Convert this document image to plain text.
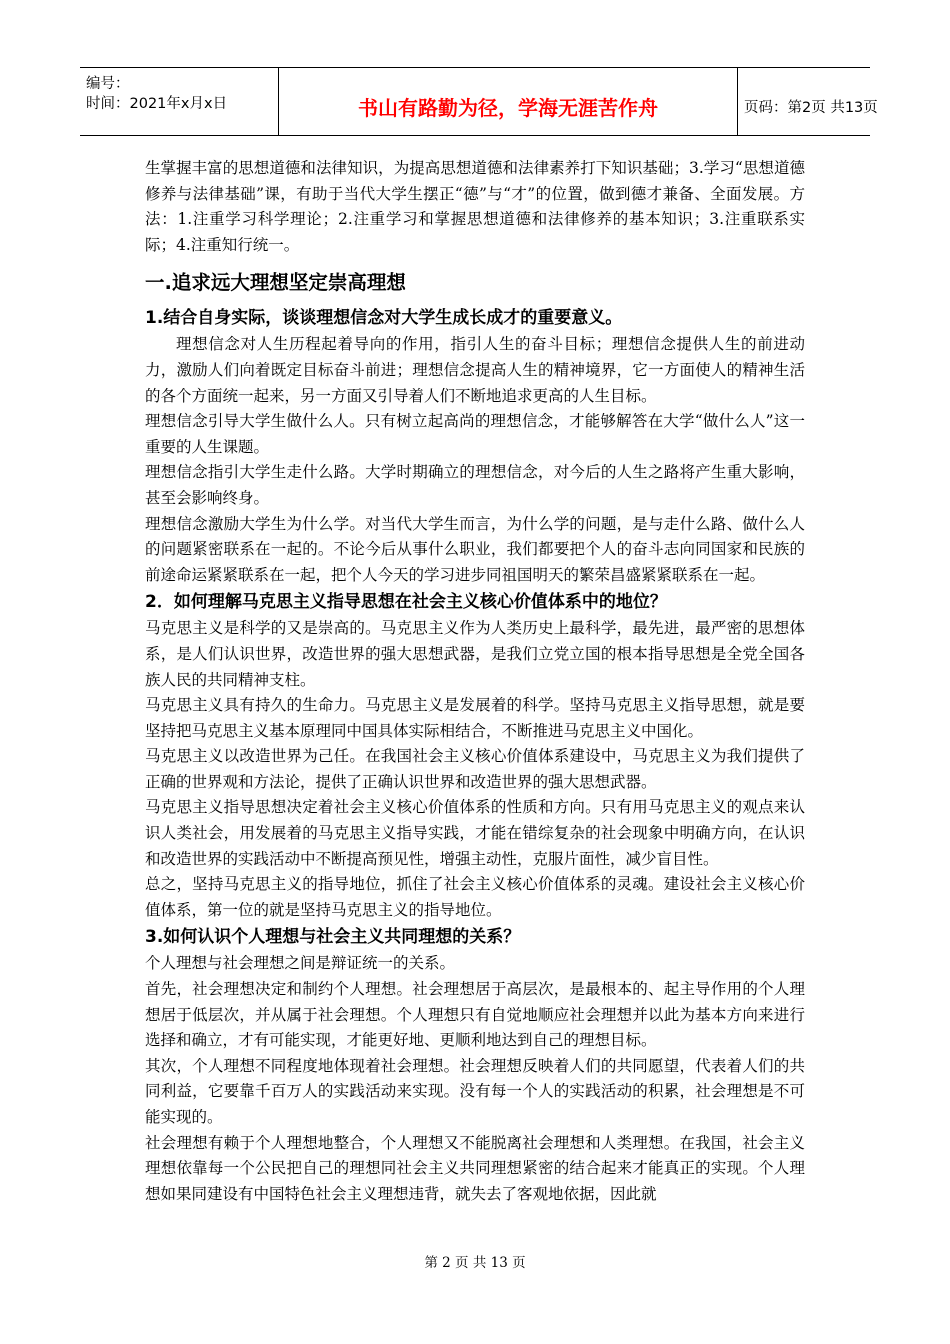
编号：
时间：2021年x月x日	书山有路勤为径，学海无涯苦作舟	页码：第2页 共13页

生掌握丰富的思想道德和法律知识，为提高思想道德和法律素养打下知识基础；3.学习“思想道德修养与法律基础”课，有助于当代大学生摆正“德”与“才”的位置，做到德才兼备、全面发展。方法：1.注重学习科学理论；2.注重学习和掌握思想道德和法律修养的基本知识；3.注重联系实际；4.注重知行统一。

一.追求远大理想坚定崇高理想
1.结合自身实际，谈谈理想信念对大学生成长成才的重要意义。

理想信念对人生历程起着导向的作用，指引人生的奋斗目标；理想信念提供人生的前进动力，激励人们向着既定目标奋斗前进；理想信念提高人生的精神境界，它一方面使人的精神生活的各个方面统一起来，另一方面又引导着人们不断地追求更高的人生目标。

理想信念引导大学生做什么人。只有树立起高尚的理想信念，才能够解答在大学“做什么人”这一重要的人生课题。

理想信念指引大学生走什么路。大学时期确立的理想信念，对今后的人生之路将产生重大影响，甚至会影响终身。

理想信念激励大学生为什么学。对当代大学生而言，为什么学的问题，是与走什么路、做什么人的问题紧密联系在一起的。不论今后从事什么职业，我们都要把个人的奋斗志向同国家和民族的前途命运紧紧联系在一起，把个人今天的学习进步同祖国明天的繁荣昌盛紧紧联系在一起。

2．如何理解马克思主义指导思想在社会主义核心价值体系中的地位？

马克思主义是科学的又是崇高的。马克思主义作为人类历史上最科学，最先进，最严密的思想体系，是人们认识世界，改造世界的强大思想武器，是我们立党立国的根本指导思想是全党全国各族人民的共同精神支柱。

马克思主义具有持久的生命力。马克思主义是发展着的科学。坚持马克思主义指导思想，就是要坚持把马克思主义基本原理同中国具体实际相结合，不断推进马克思主义中国化。

马克思主义以改造世界为己任。在我国社会主义核心价值体系建设中，马克思主义为我们提供了正确的世界观和方法论，提供了正确认识世界和改造世界的强大思想武器。

马克思主义指导思想决定着社会主义核心价值体系的性质和方向。只有用马克思主义的观点来认识人类社会，用发展着的马克思主义指导实践，才能在错综复杂的社会现象中明确方向，在认识和改造世界的实践活动中不断提高预见性，增强主动性，克服片面性，减少盲目性。

总之，坚持马克思主义的指导地位，抓住了社会主义核心价值体系的灵魂。建设社会主义核心价值体系，第一位的就是坚持马克思主义的指导地位。

3.如何认识个人理想与社会主义共同理想的关系？

个人理想与社会理想之间是辩证统一的关系。

首先，社会理想决定和制约个人理想。社会理想居于高层次，是最根本的、起主导作用的个人理想居于低层次，并从属于社会理想。个人理想只有自觉地顺应社会理想并以此为基本方向来进行选择和确立，才有可能实现，才能更好地、更顺利地达到自己的理想目标。

其次，个人理想不同程度地体现着社会理想。社会理想反映着人们的共同愿望，代表着人们的共同利益，它要靠千百万人的实践活动来实现。没有每一个人的实践活动的积累，社会理想是不可能实现的。

社会理想有赖于个人理想地整合，个人理想又不能脱离社会理想和人类理想。在我国，社会主义理想依靠每一个公民把自己的理想同社会主义共同理想紧密的结合起来才能真正的实现。个人理想如果同建设有中国特色社会主义理想违背，就失去了客观地依据，因此就

第 2 页 共 13 页
